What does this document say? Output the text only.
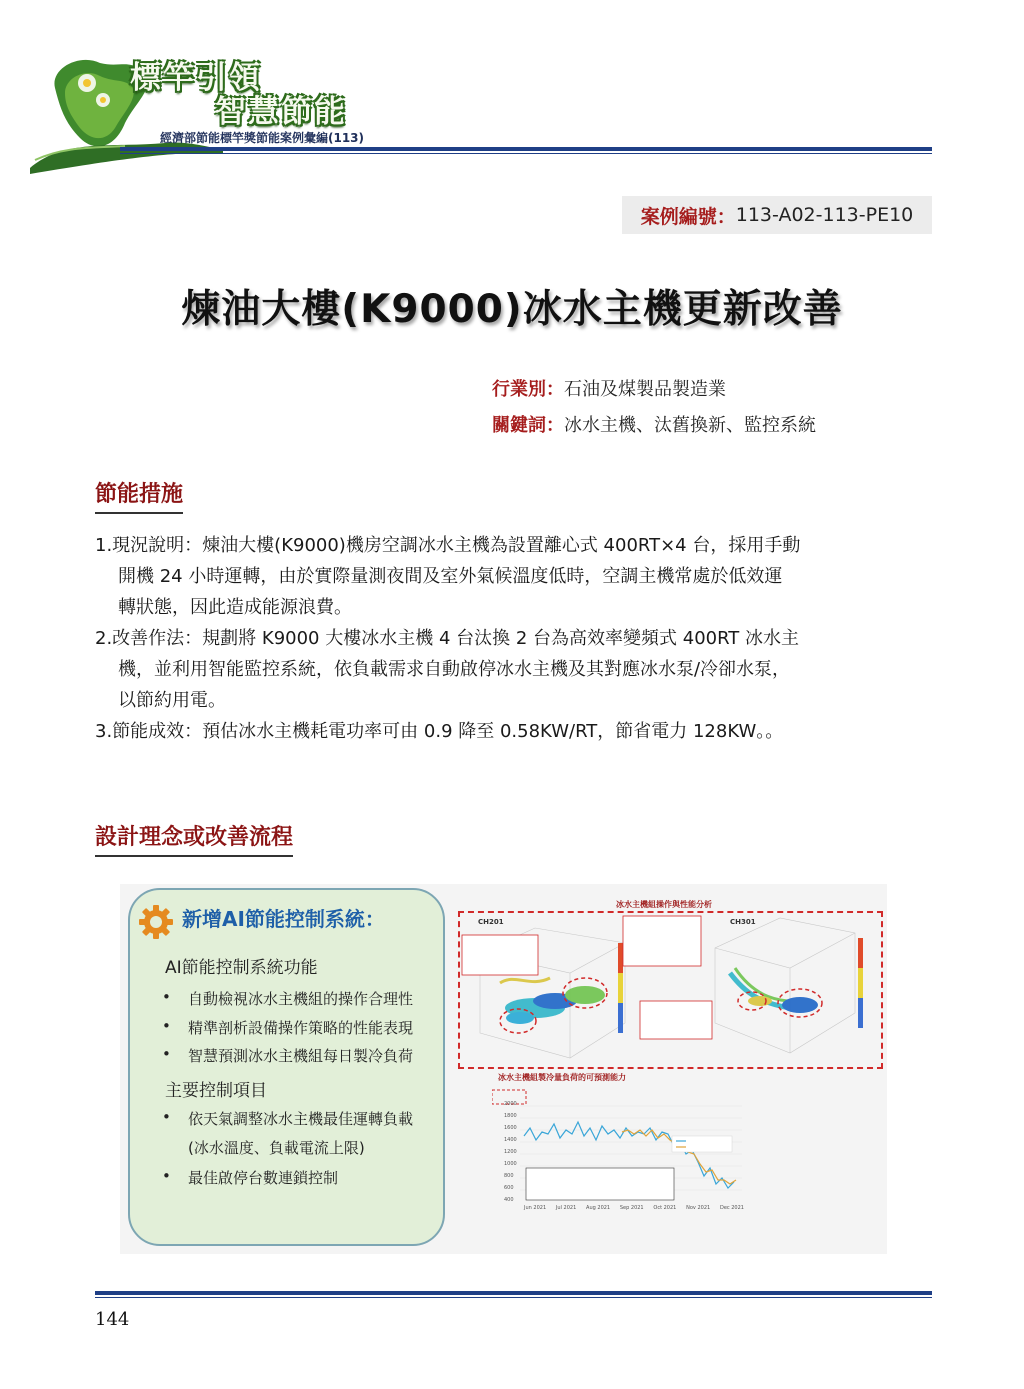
標竿引領
智慧節能
經濟部節能標竿獎節能案例彙編(113)
案例編號： 113-A02-113-PE10
煉油大樓(K9000)冰水主機更新改善
行業別：石油及煤製品製造業
關鍵詞：冰水主機、汰舊換新、監控系統
節能措施
1.現況說明：煉油大樓(K9000)機房空調冰水主機為設置離心式 400RT×4 台，採用手動
開機 24 小時運轉，由於實際量測夜間及室外氣候溫度低時，空調主機常處於低效運
轉狀態，因此造成能源浪費。
2.改善作法：規劃將 K9000 大樓冰水主機 4 台汰換 2 台為高效率變頻式 400RT 冰水主
機，並利用智能監控系統，依負載需求自動啟停冰水主機及其對應冰水泵/冷卻水泵，
以節約用電。
3.節能成效：預估冰水主機耗電功率可由 0.9 降至 0.58KW/RT，節省電力 128KW。。
設計理念或改善流程
新增AI節能控制系統：
AI節能控制系統功能
• 自動檢視冰水主機組的操作合理性
• 精準剖析設備操作策略的性能表現
• 智慧預測冰水主機組每日製冷負荷
主要控制項目
• 依天氣調整冰水主機最佳運轉負載
(冰水溫度、負載電流上限)
• 最佳啟停台數連鎖控制
冰水主機組操作與性能分析
CH201	CH301
冰水主機組製冷量負荷的可預測能力
2000
1800
1600
1400
1200
1000
800
600
400
Jun 2021 Jul 2021 Aug 2021 Sep 2021 Oct 2021 Nov 2021 Dec 2021
144
